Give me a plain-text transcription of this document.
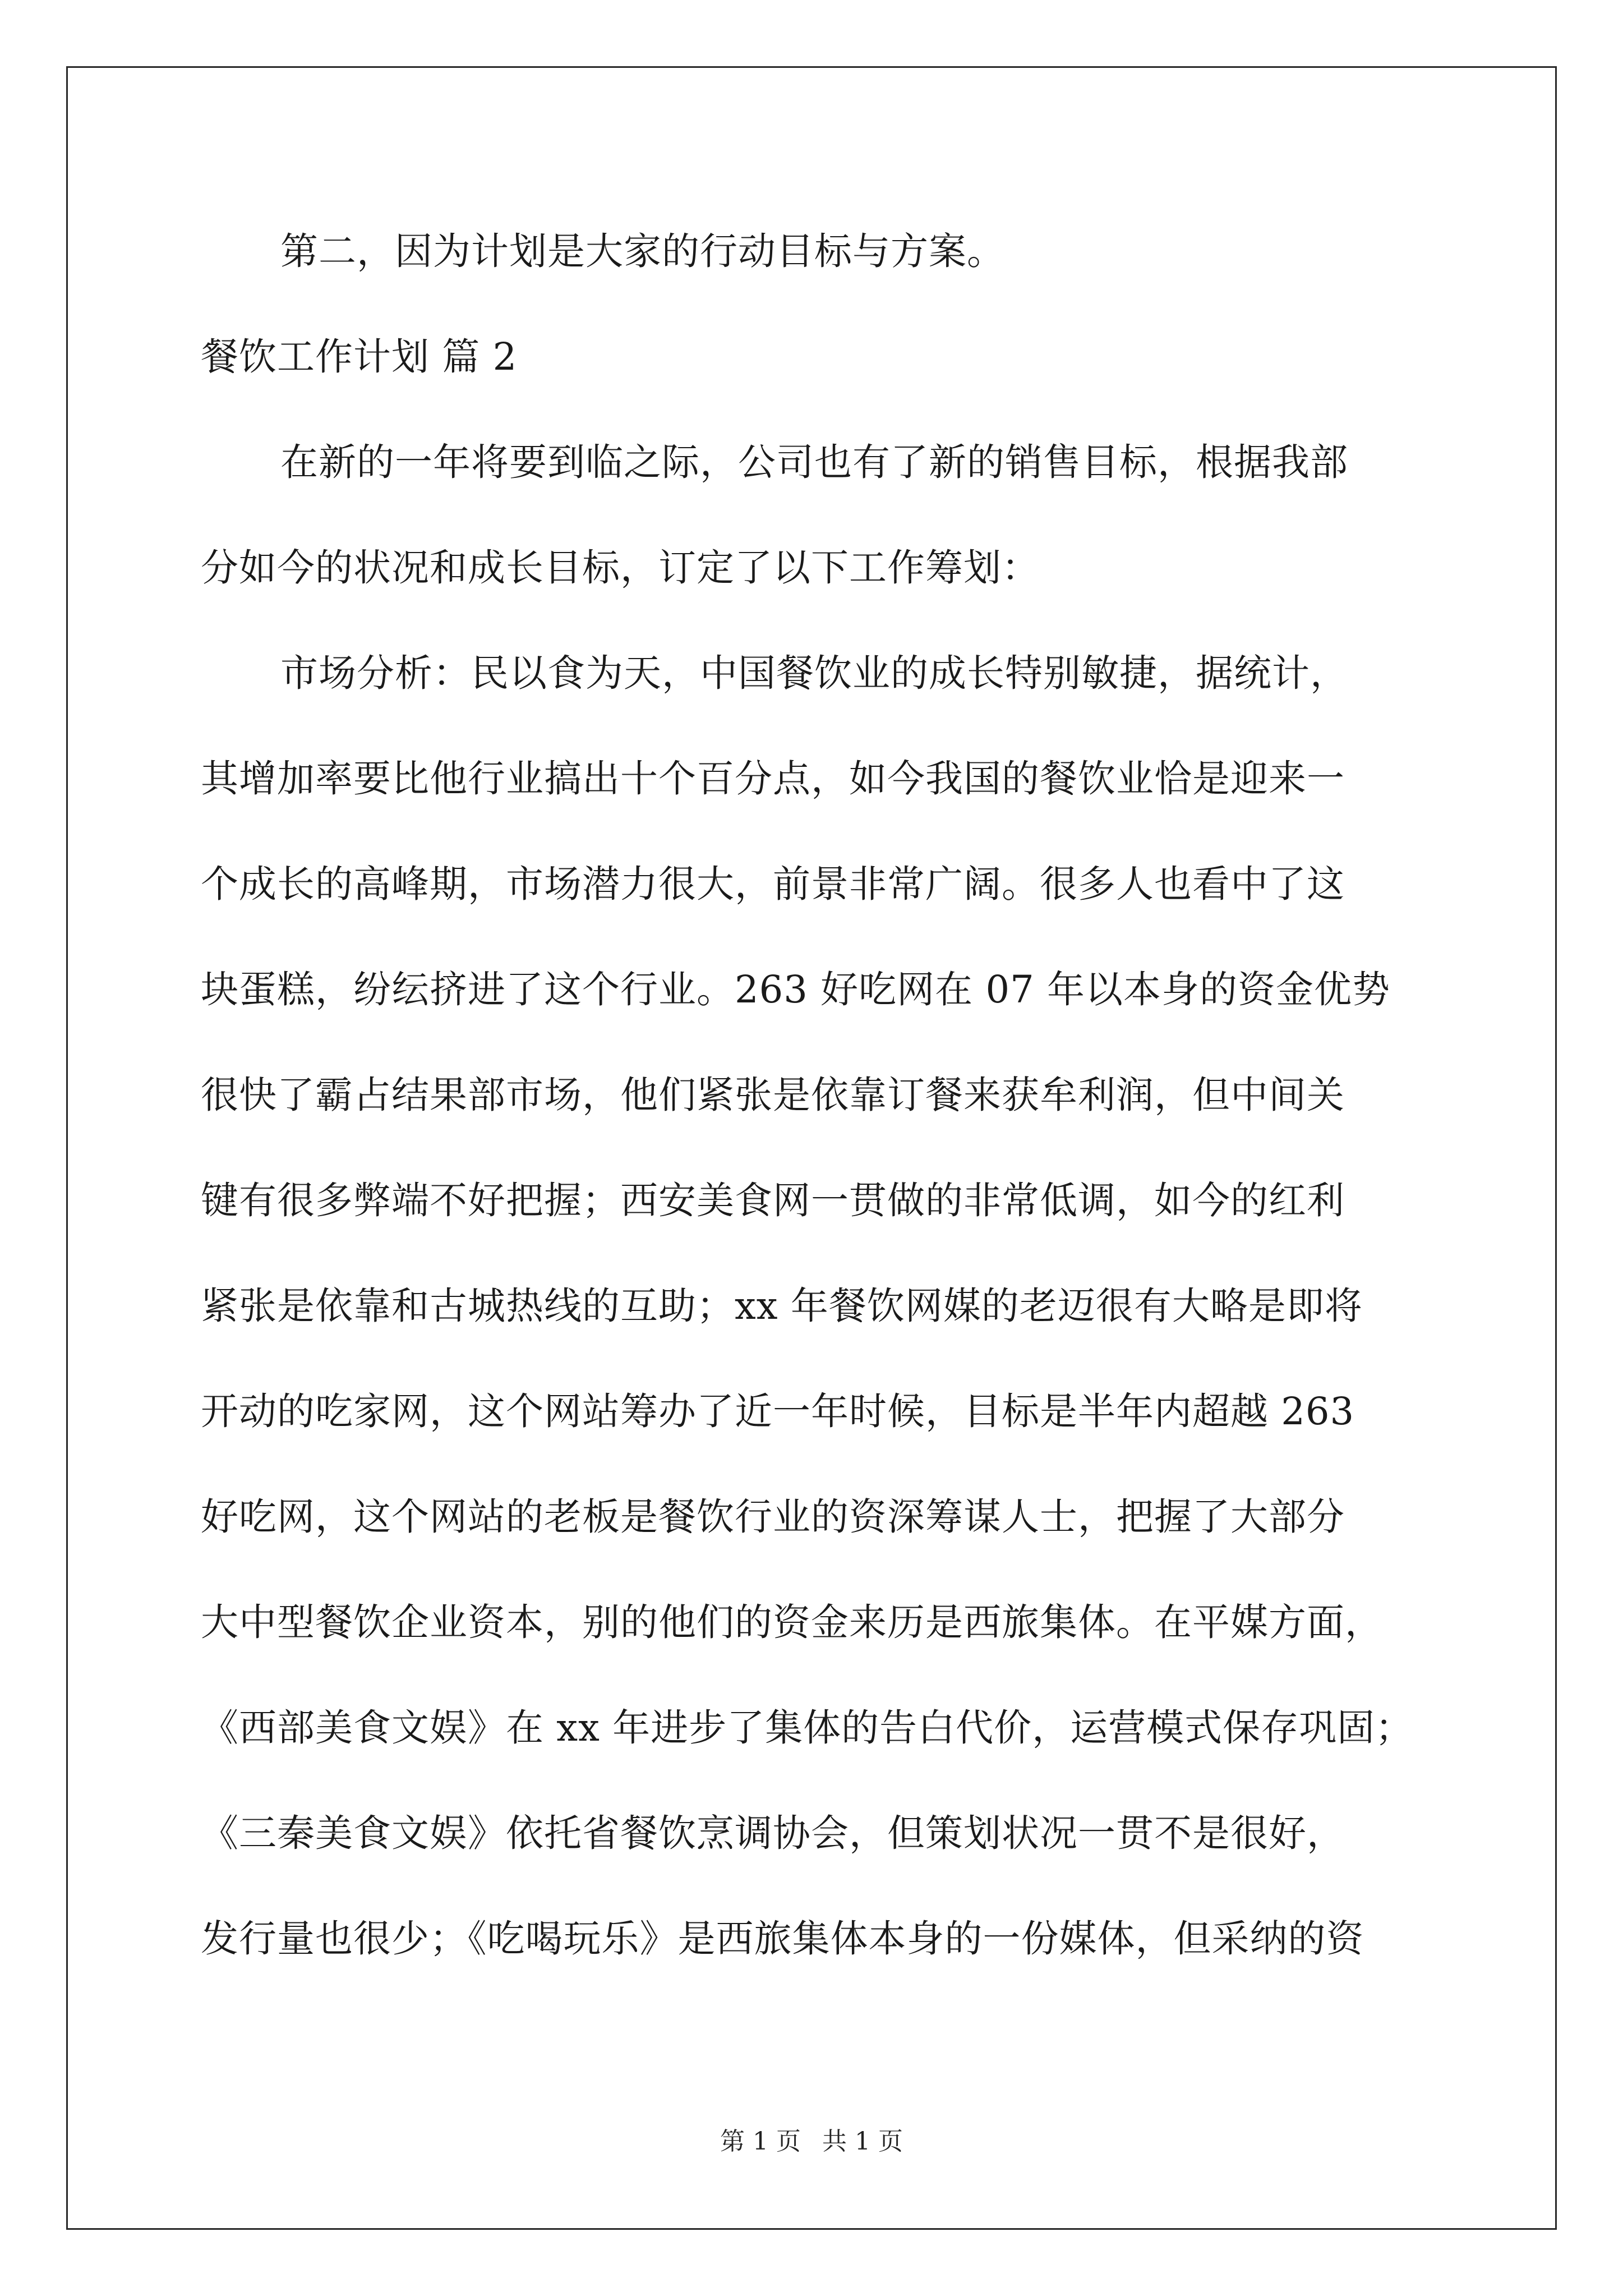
第二，因为计划是大家的行动目标与方案。
餐饮工作计划 篇 2
在新的一年将要到临之际，公司也有了新的销售目标，根据我部
分如今的状况和成长目标，订定了以下工作筹划：
市场分析：民以食为天，中国餐饮业的成长特别敏捷，据统计，
其增加率要比他行业搞出十个百分点，如今我国的餐饮业恰是迎来一
个成长的高峰期，市场潜力很大，前景非常广阔。很多人也看中了这
块蛋糕，纷纭挤进了这个行业。263 好吃网在 07 年以本身的资金优势
很快了霸占结果部市场，他们紧张是依靠订餐来获牟利润，但中间关
键有很多弊端不好把握；西安美食网一贯做的非常低调，如今的红利
紧张是依靠和古城热线的互助；xx 年餐饮网媒的老迈很有大略是即将
开动的吃家网，这个网站筹办了近一年时候，目标是半年内超越 263
好吃网，这个网站的老板是餐饮行业的资深筹谋人士，把握了大部分
大中型餐饮企业资本，别的他们的资金来历是西旅集体。在平媒方面，
《西部美食文娱》在 xx 年进步了集体的告白代价，运营模式保存巩固；
《三秦美食文娱》依托省餐饮烹调协会，但策划状况一贯不是很好，
发行量也很少；《吃喝玩乐》是西旅集体本身的一份媒体，但采纳的资
第 1 页 共 1 页
